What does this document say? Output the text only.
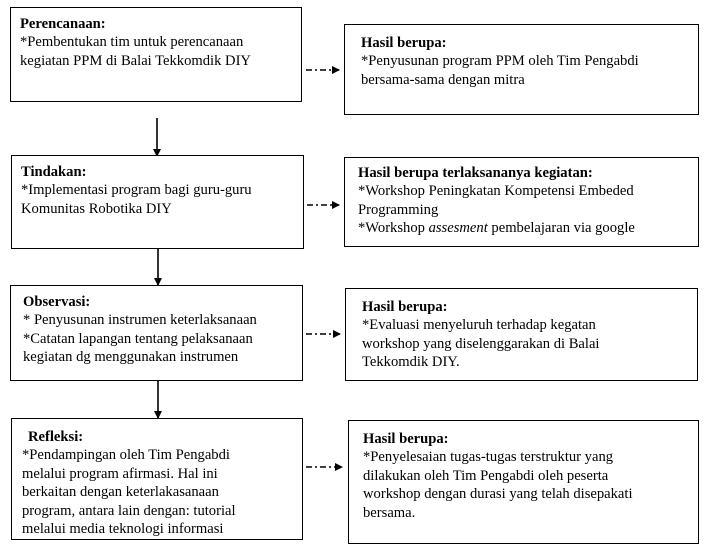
Perencanaan:
*Pembentukan tim untuk perencanaan
kegiatan PPM di Balai Tekkomdik DIY
Tindakan:
*Implementasi program bagi guru-guru
Komunitas Robotika DIY
Observasi:
* Penyusunan instrumen keterlaksanaan
*Catatan lapangan tentang pelaksanaan
kegiatan dg menggunakan instrumen
Refleksi:
*Pendampingan oleh Tim Pengabdi
melalui program afirmasi. Hal ini
berkaitan dengan keterlakasanaan
program, antara lain dengan: tutorial
melalui media teknologi informasi
Hasil berupa:
*Penyusunan program PPM oleh Tim Pengabdi
bersama-sama dengan mitra
Hasil berupa terlaksananya kegiatan:
*Workshop Peningkatan Kompetensi Embeded
Programming
*Workshop assesment pembelajaran via google
Hasil berupa:
*Evaluasi menyeluruh terhadap kegatan
workshop yang diselenggarakan di Balai
Tekkomdik DIY.
Hasil berupa:
*Penyelesaian tugas-tugas terstruktur yang
dilakukan oleh Tim Pengabdi oleh peserta
workshop dengan durasi yang telah disepakati
bersama.
